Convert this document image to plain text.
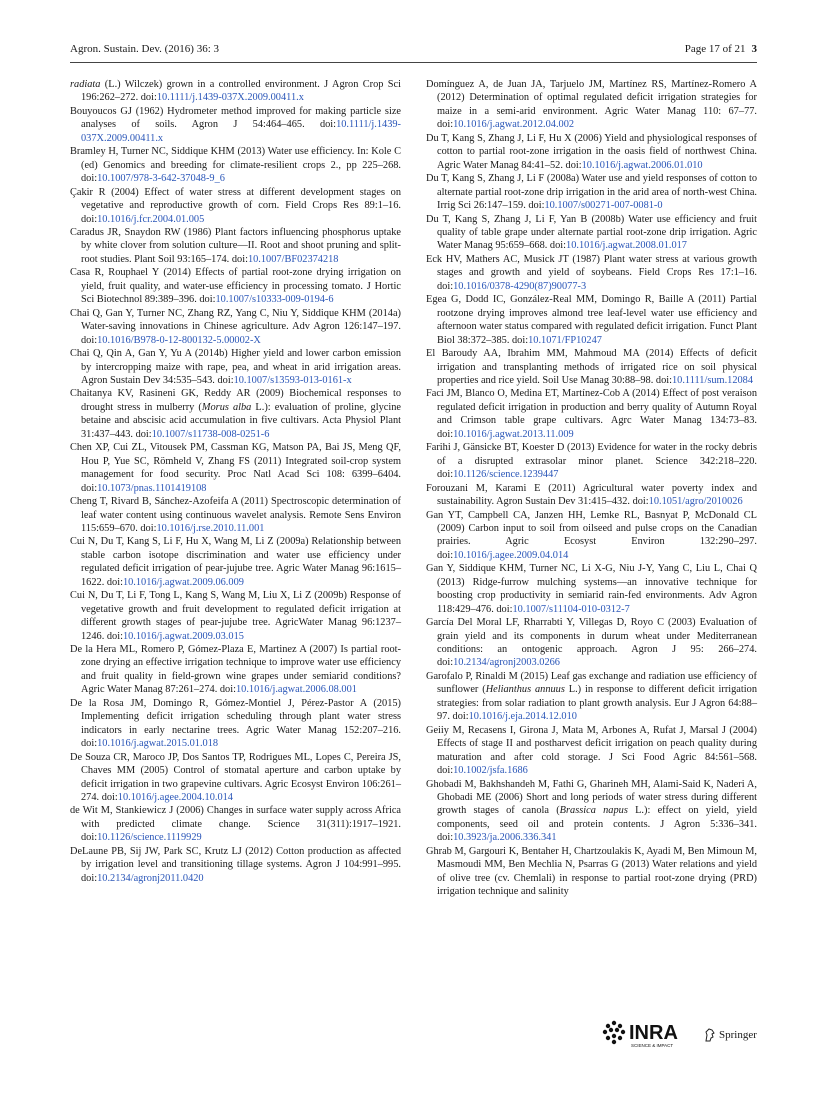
Agron. Sustain. Dev. (2016) 36: 3	Page 17 of 21 3

radiata (L.) Wilczek) grown in a controlled environment. J Agron Crop Sci 196:262–272. doi:10.1111/j.1439-037X.2009.00411.x

Bouyoucos GJ (1962) Hydrometer method improved for making particle size analyses of soils. Agron J 54:464–465. doi:10.1111/j.1439-037X.2009.00411.x

Bramley H, Turner NC, Siddique KHM (2013) Water use efficiency. In: Kole C (ed) Genomics and breeding for climate-resilient crops 2., pp 225–268. doi:10.1007/978-3-642-37048-9_6

Çakir R (2004) Effect of water stress at different development stages on vegetative and reproductive growth of corn. Field Crops Res 89:1–16. doi:10.1016/j.fcr.2004.01.005

Caradus JR, Snaydon RW (1986) Plant factors influencing phosphorus uptake by white clover from solution culture—II. Root and shoot pruning and split-root studies. Plant Soil 93:165–174. doi:10.1007/BF02374218

Casa R, Rouphael Y (2014) Effects of partial root-zone drying irrigation on yield, fruit quality, and water-use efficiency in processing tomato. J Hortic Sci Biotechnol 89:389–396. doi:10.1007/s10333-009-0194-6

Chai Q, Gan Y, Turner NC, Zhang RZ, Yang C, Niu Y, Siddique KHM (2014a) Water-saving innovations in Chinese agriculture. Adv Agron 126:147–197. doi:10.1016/B978-0-12-800132-5.00002-X

Chai Q, Qin A, Gan Y, Yu A (2014b) Higher yield and lower carbon emission by intercropping maize with rape, pea, and wheat in arid irrigation areas. Agron Sustain Dev 34:535–543. doi:10.1007/s13593-013-0161-x

Chaitanya KV, Rasineni GK, Reddy AR (2009) Biochemical responses to drought stress in mulberry (Morus alba L.): evaluation of proline, glycine betaine and abscisic acid accumulation in five cultivars. Acta Physiol Plant 31:437–443. doi:10.1007/s11738-008-0251-6

Chen XP, Cui ZL, Vitousek PM, Cassman KG, Matson PA, Bai JS, Meng QF, Hou P, Yue SC, Römheld V, Zhang FS (2011) Integrated soil-crop system management for food security. Proc Natl Acad Sci 108: 6399–6404. doi:10.1073/pnas.1101419108

Cheng T, Rivard B, Sánchez-Azofeifa A (2011) Spectroscopic determination of leaf water content using continuous wavelet analysis. Remote Sens Environ 115:659–670. doi:10.1016/j.rse.2010.11.001

Cui N, Du T, Kang S, Li F, Hu X, Wang M, Li Z (2009a) Relationship between stable carbon isotope discrimination and water use efficiency under regulated deficit irrigation of pear-jujube tree. Agric Water Manag 96:1615–1622. doi:10.1016/j.agwat.2009.06.009

Cui N, Du T, Li F, Tong L, Kang S, Wang M, Liu X, Li Z (2009b) Response of vegetative growth and fruit development to regulated deficit irrigation at different growth stages of pear-jujube tree. AgricWater Manag 96:1237–1246. doi:10.1016/j.agwat.2009.03.015

De la Hera ML, Romero P, Gómez-Plaza E, Martinez A (2007) Is partial root-zone drying an effective irrigation technique to improve water use efficiency and fruit quality in field-grown wine grapes under semiarid conditions? Agric Water Manag 87:261–274. doi:10.1016/j.agwat.2006.08.001

De la Rosa JM, Domingo R, Gómez-Montiel J, Pérez-Pastor A (2015) Implementing deficit irrigation scheduling through plant water stress indicators in early nectarine trees. Agric Water Manag 152:207–216. doi:10.1016/j.agwat.2015.01.018

De Souza CR, Maroco JP, Dos Santos TP, Rodrigues ML, Lopes C, Pereira JS, Chaves MM (2005) Control of stomatal aperture and carbon uptake by deficit irrigation in two grapevine cultivars. Agric Ecosyst Environ 106:261–274. doi:10.1016/j.agee.2004.10.014

de Wit M, Stankiewicz J (2006) Changes in surface water supply across Africa with predicted climate change. Science 31(311):1917–1921. doi:10.1126/science.1119929

DeLaune PB, Sij JW, Park SC, Krutz LJ (2012) Cotton production as affected by irrigation level and transitioning tillage systems. Agron J 104:991–995. doi:10.2134/agronj2011.0420

Domínguez A, de Juan JA, Tarjuelo JM, Martínez RS, Martínez-Romero A (2012) Determination of optimal regulated deficit irrigation strategies for maize in a semi-arid environment. Agric Water Manag 110: 67–77. doi:10.1016/j.agwat.2012.04.002

Du T, Kang S, Zhang J, Li F, Hu X (2006) Yield and physiological responses of cotton to partial root-zone irrigation in the oasis field of northwest China. Agric Water Manag 84:41–52. doi:10.1016/j.agwat.2006.01.010

Du T, Kang S, Zhang J, Li F (2008a) Water use and yield responses of cotton to alternate partial root-zone drip irrigation in the arid area of north-west China. Irrig Sci 26:147–159. doi:10.1007/s00271-007-0081-0

Du T, Kang S, Zhang J, Li F, Yan B (2008b) Water use efficiency and fruit quality of table grape under alternate partial root-zone drip irrigation. Agric Water Manag 95:659–668. doi:10.1016/j.agwat.2008.01.017

Eck HV, Mathers AC, Musick JT (1987) Plant water stress at various growth stages and growth and yield of soybeans. Field Crops Res 17:1–16. doi:10.1016/0378-4290(87)90077-3

Egea G, Dodd IC, González-Real MM, Domingo R, Baille A (2011) Partial rootzone drying improves almond tree leaf-level water use efficiency and afternoon water status compared with regulated deficit irrigation. Funct Plant Biol 38:372–385. doi:10.1071/FP10247

El Baroudy AA, Ibrahim MM, Mahmoud MA (2014) Effects of deficit irrigation and transplanting methods of irrigated rice on soil physical properties and rice yield. Soil Use Manag 30:88–98. doi:10.1111/sum.12084

Faci JM, Blanco O, Medina ET, Martínez-Cob A (2014) Effect of post veraison regulated deficit irrigation in production and berry quality of Autumn Royal and Crimson table grape cultivars. Agrc Water Manag 134:73–83. doi:10.1016/j.agwat.2013.11.009

Farihi J, Gänsicke BT, Koester D (2013) Evidence for water in the rocky debris of a disrupted extrasolar minor planet. Science 342:218–220. doi:10.1126/science.1239447

Forouzani M, Karami E (2011) Agricultural water poverty index and sustainability. Agron Sustain Dev 31:415–432. doi:10.1051/agro/2010026

Gan YT, Campbell CA, Janzen HH, Lemke RL, Basnyat P, McDonald CL (2009) Carbon input to soil from oilseed and pulse crops on the Canadian prairies. Agric Ecosyst Environ 132:290–297. doi:10.1016/j.agee.2009.04.014

Gan Y, Siddique KHM, Turner NC, Li X-G, Niu J-Y, Yang C, Liu L, Chai Q (2013) Ridge-furrow mulching systems—an innovative technique for boosting crop productivity in semiarid rain-fed environments. Adv Agron 118:429–476. doi:10.1007/s11104-010-0312-7

García Del Moral LF, Rharrabti Y, Villegas D, Royo C (2003) Evaluation of grain yield and its components in durum wheat under Mediterranean conditions: an ontogenic approach. Agron J 95: 266–274. doi:10.2134/agronj2003.0266

Garofalo P, Rinaldi M (2015) Leaf gas exchange and radiation use efficiency of sunflower (Helianthus annuus L.) in response to different deficit irrigation strategies: from solar radiation to plant growth analysis. Eur J Agron 64:88–97. doi:10.1016/j.eja.2014.12.010

Geiiy M, Recasens I, Girona J, Mata M, Arbones A, Rufat J, Marsal J (2004) Effects of stage II and postharvest deficit irrigation on peach quality during maturation and after cold storage. J Sci Food Agric 84:561–568. doi:10.1002/jsfa.1686

Ghobadi M, Bakhshandeh M, Fathi G, Gharineh MH, Alami-Said K, Naderi A, Ghobadi ME (2006) Short and long periods of water stress during different growth stages of canola (Brassica napus L.): effect on yield, yield components, seed oil and protein contents. J Agron 5:336–341. doi:10.3923/ja.2006.336.341

Ghrab M, Gargouri K, Bentaher H, Chartzoulakis K, Ayadi M, Ben Mimoun M, Masmoudi MM, Ben Mechlia N, Psarras G (2013) Water relations and yield of olive tree (cv. Chemlali) in response to partial root-zone drying (PRD) irrigation technique and salinity

INRA
SCIENCE & IMPACT
Springer
